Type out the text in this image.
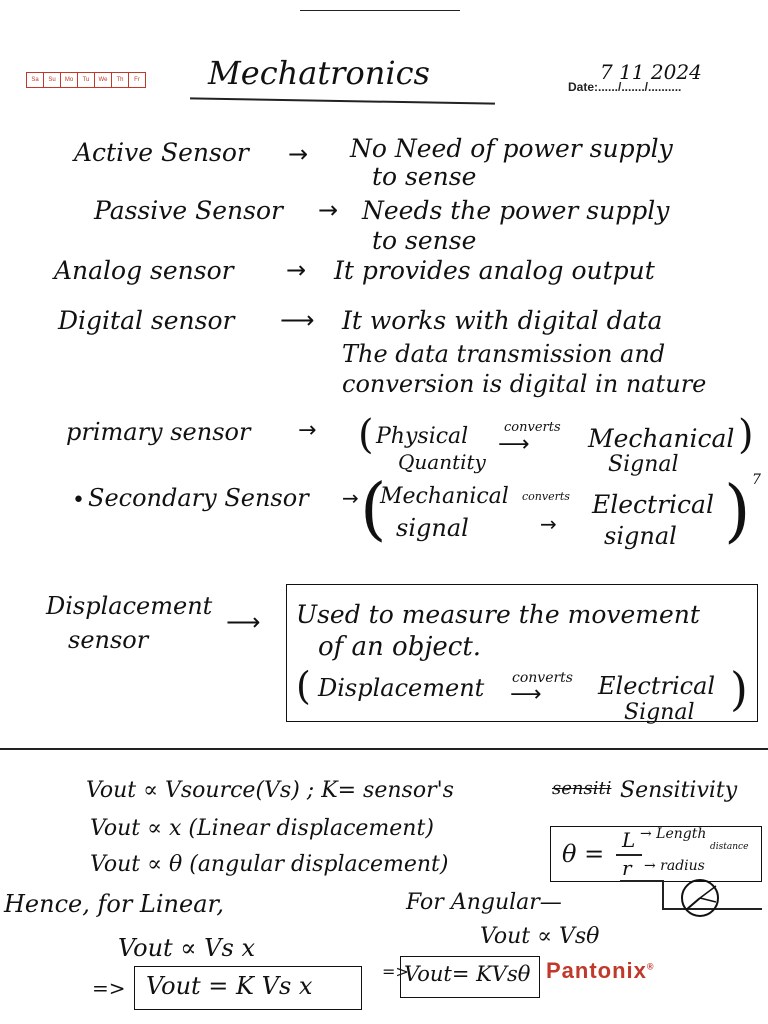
Sa	Su	Mo	Tu	We	Th	Fr Mechatronics	Date:....../......./..........
7 11 2024
Active Sensor → No Need of power supply
to sense
Passive Sensor → Needs the power supply
to sense
Analog sensor → It provides analog output
Digital sensor ⟶ It works with digital data
The data transmission and
conversion is digital in nature
primary sensor → ( Physical
Quantity
converts
⟶ Mechanical
Signal
)
7
• Secondary Sensor → (
Mechanical
signal
converts
→
Electrical
signal )
Displacement
sensor
⟶ Used to measure the movement
of an object.
( Displacement converts
⟶ Electrical
Signal )
Vout ∝ Vsource(Vs) ; K= sensor's	sensiti Sensitivity
Vout ∝ x (Linear displacement)
Vout ∝ θ (angular displacement)	θ = L
r
→ Length
distance
→ radius
Hence, for Linear,	For Angular—
Vout ∝ Vs x	Vout ∝ Vsθ
=> Vout = K Vs x
=>
Vout= KVsθ Pantonix®
